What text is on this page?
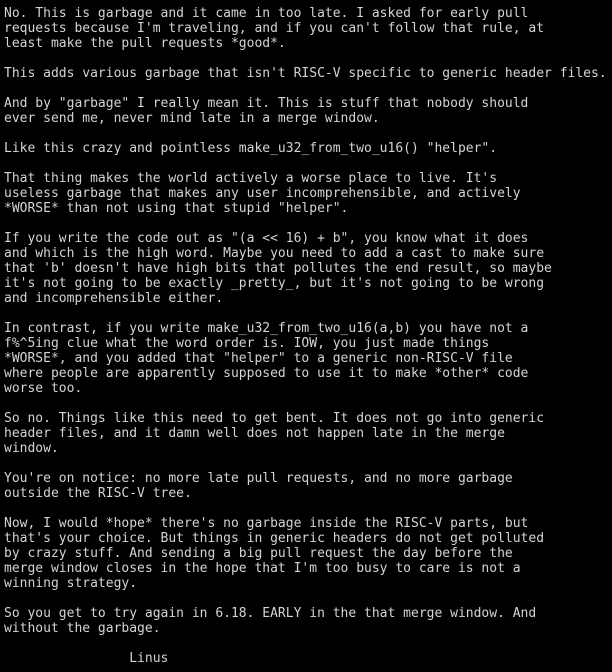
No. This is garbage and it came in too late. I asked for early pull
requests because I'm traveling, and if you can't follow that rule, at
least make the pull requests *good*.

This adds various garbage that isn't RISC-V specific to generic header files.

And by "garbage" I really mean it. This is stuff that nobody should
ever send me, never mind late in a merge window.

Like this crazy and pointless make_u32_from_two_u16() "helper".

That thing makes the world actively a worse place to live. It's
useless garbage that makes any user incomprehensible, and actively
*WORSE* than not using that stupid "helper".

If you write the code out as "(a << 16) + b", you know what it does
and which is the high word. Maybe you need to add a cast to make sure
that 'b' doesn't have high bits that pollutes the end result, so maybe
it's not going to be exactly _pretty_, but it's not going to be wrong
and incomprehensible either.

In contrast, if you write make_u32_from_two_u16(a,b) you have not a
f%^5ing clue what the word order is. IOW, you just made things
*WORSE*, and you added that "helper" to a generic non-RISC-V file
where people are apparently supposed to use it to make *other* code
worse too.

So no. Things like this need to get bent. It does not go into generic
header files, and it damn well does not happen late in the merge
window.

You're on notice: no more late pull requests, and no more garbage
outside the RISC-V tree.

Now, I would *hope* there's no garbage inside the RISC-V parts, but
that's your choice. But things in generic headers do not get polluted
by crazy stuff. And sending a big pull request the day before the
merge window closes in the hope that I'm too busy to care is not a
winning strategy.

So you get to try again in 6.18. EARLY in the that merge window. And
without the garbage.

Linus
